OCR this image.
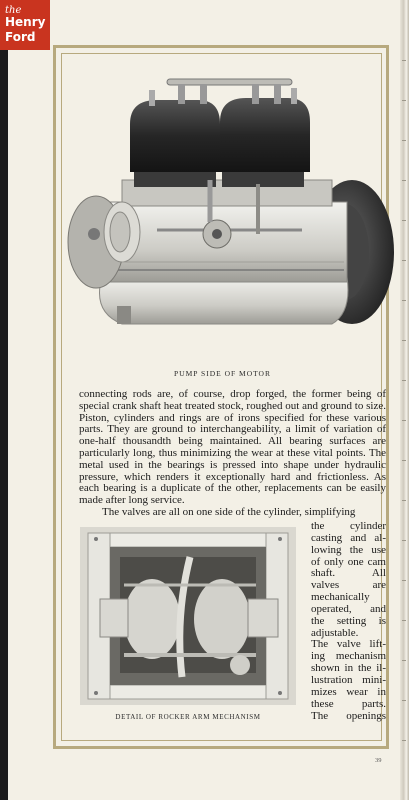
the
Henry
Ford
PUMP SIDE OF MOTOR

connecting rods are, of course, drop forged, the former being of special crank shaft heat treated stock, roughed out and ground to size. Piston, cylinders and rings are of irons specified for these various parts. They are ground to interchangeability, a limit of variation of one-half thousandth being maintained. All bearing surfaces are particularly long, thus minimizing the wear at these vital points. The metal used in the bearings is pressed into shape under hydraulic pressure, which renders it exceptionally hard and frictionless. As each bearing is a duplicate of the other, replacements can be easily made after long service.

The valves are all on one side of the cylinder, simplifying

DETAIL OF ROCKER ARM MECHANISM
the cylinder
casting and al-
lowing the use
of only one cam
shaft. All
valves are
mechanically
operated, and
the setting is
adjustable.
The valve lift-
ing mechanism
shown in the il-
lustration mini-
mizes wear in
these parts.
The openings
39
